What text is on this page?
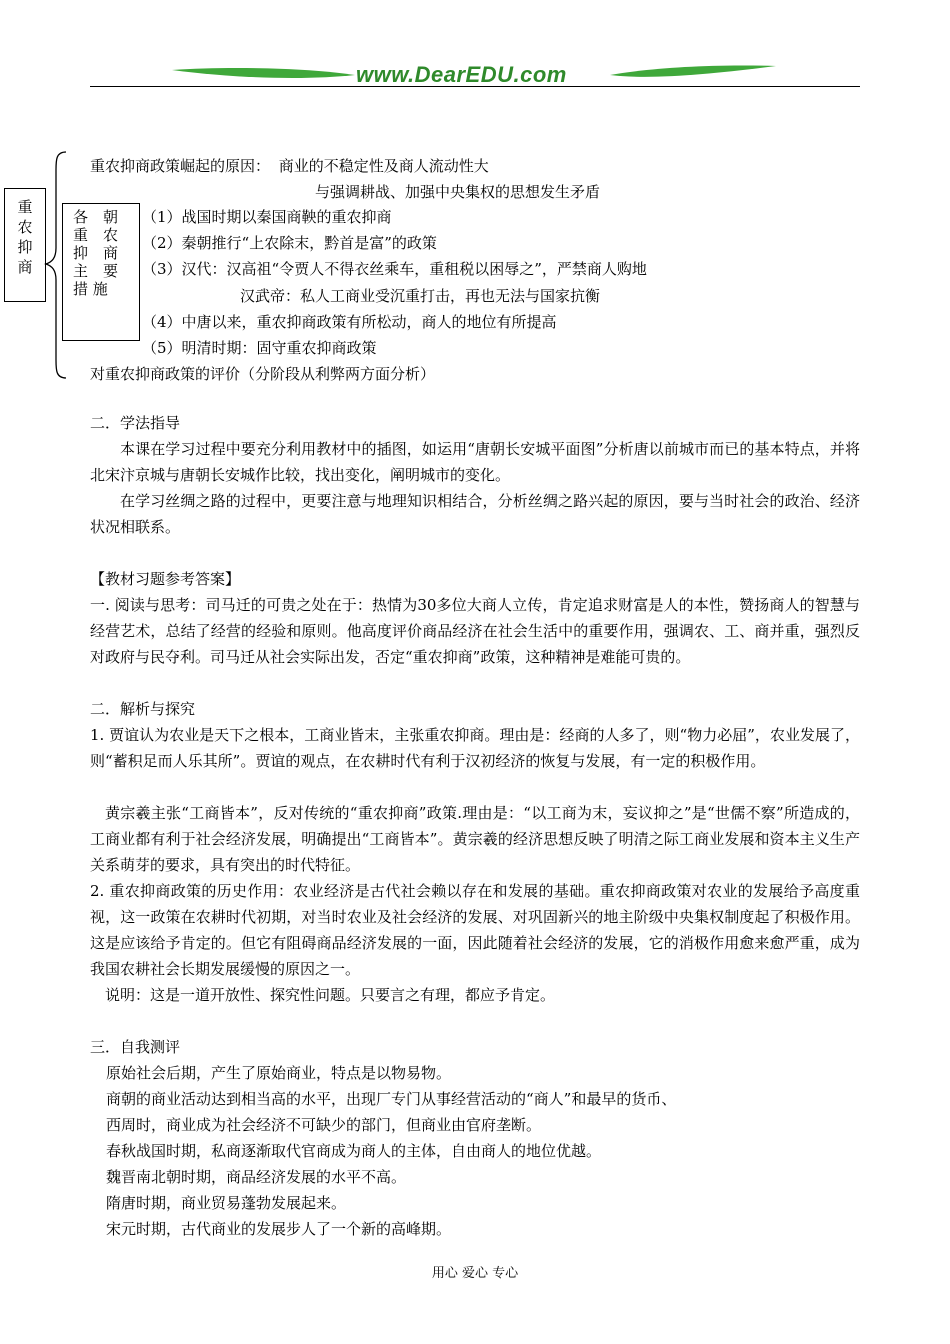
www.DearEDU.com
重
农
抑
商
各　朝
重　农
抑　商
主　要
措 施
重农抑商政策崛起的原因： 商业的不稳定性及商人流动性大
与强调耕战、加强中央集权的思想发生矛盾
（1）战国时期以秦国商鞅的重农抑商
（2）秦朝推行“上农除末，黔首是富”的政策
（3）汉代：汉高祖“令贾人不得衣丝乘车，重租税以困辱之”，严禁商人购地
汉武帝：私人工商业受沉重打击，再也无法与国家抗衡
（4）中唐以来，重农抑商政策有所松动，商人的地位有所提高
（5）明清时期：固守重农抑商政策
对重农抑商政策的评价（分阶段从利弊两方面分析）
二．学法指导
本课在学习过程中要充分利用教材中的插图，如运用“唐朝长安城平面图”分析唐以前城市而已的基本特点，并将北宋汴京城与唐朝长安城作比较，找出变化，阐明城市的变化。
在学习丝绸之路的过程中，更要注意与地理知识相结合，分析丝绸之路兴起的原因，要与当时社会的政治、经济状况相联系。
【教材习题参考答案】
一. 阅读与思考：司马迁的可贵之处在于：热情为30多位大商人立传，肯定追求财富是人的本性，赞扬商人的智慧与经营艺术，总结了经营的经验和原则。他高度评价商品经济在社会生活中的重要作用，强调农、工、商并重，强烈反对政府与民夺利。司马迁从社会实际出发，否定“重农抑商”政策，这种精神是难能可贵的。
二．解析与探究
1. 贾谊认为农业是天下之根本，工商业皆末，主张重农抑商。理由是：经商的人多了，则“物力必屈”，农业发展了，则“蓄积足而人乐其所”。贾谊的观点，在农耕时代有利于汉初经济的恢复与发展，有一定的积极作用。
黄宗羲主张“工商皆本”，反对传统的“重农抑商”政策.理由是：“以工商为末，妄议抑之”是“世儒不察”所造成的，工商业都有利于社会经济发展，明确提出“工商皆本”。黄宗羲的经济思想反映了明清之际工商业发展和资本主义生产关系萌芽的要求，具有突出的时代特征。
2. 重农抑商政策的历史作用：农业经济是古代社会赖以存在和发展的基础。重农抑商政策对农业的发展给予高度重视，这一政策在农耕时代初期，对当时农业及社会经济的发展、对巩固新兴的地主阶级中央集权制度起了积极作用。这是应该给予肯定的。但它有阻碍商品经济发展的一面，因此随着社会经济的发展，它的消极作用愈来愈严重，成为我国农耕社会长期发展缓慢的原因之一。
说明：这是一道开放性、探究性问题。只要言之有理，都应予肯定。
三．自我测评
原始社会后期，产生了原始商业，特点是以物易物。
商朝的商业活动达到相当高的水平，出现厂专门从事经营活动的“商人”和最早的货币、
西周时，商业成为社会经济不可缺少的部门，但商业由官府垄断。
春秋战国时期，私商逐渐取代官商成为商人的主体，自由商人的地位优越。
魏晋南北朝时期，商品经济发展的水平不高。
隋唐时期，商业贸易蓬勃发展起来。
宋元时期，古代商业的发展步人了一个新的高峰期。
用心 爱心 专心
